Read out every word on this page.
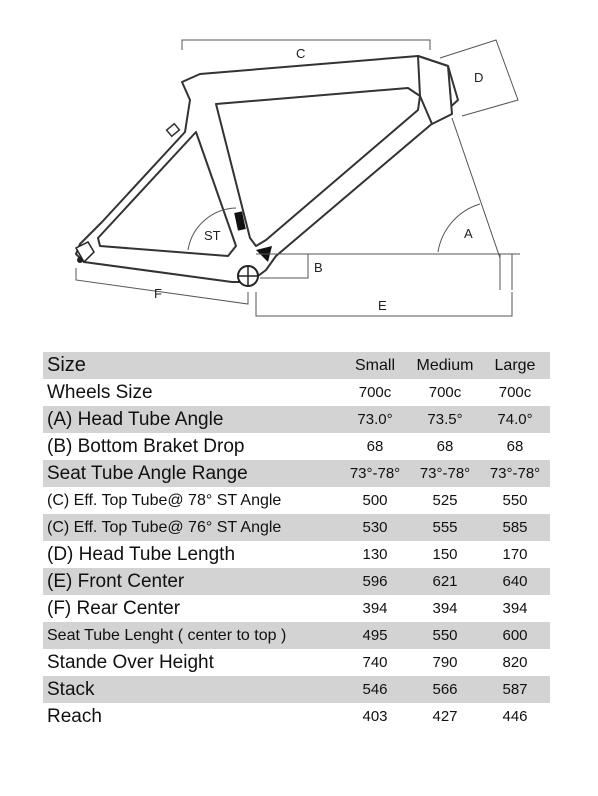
C
D
ST	A
B
F
E
Size	Small	Medium	Large
Wheels Size	700c	700c	700c
(A) Head Tube Angle	73.0°	73.5°	74.0°
(B) Bottom Braket Drop	68	68	68
Seat Tube Angle Range	73°-78°	73°-78°	73°-78°
(C) Eff. Top Tube@ 78° ST Angle	500	525	550
(C) Eff. Top Tube@ 76° ST Angle	530	555	585
(D) Head Tube Length	130	150	170
(E) Front Center	596	621	640
(F) Rear Center	394	394	394
Seat Tube Lenght ( center to top )	495	550	600
Stande Over Height	740	790	820
Stack	546	566	587
Reach	403	427	446
